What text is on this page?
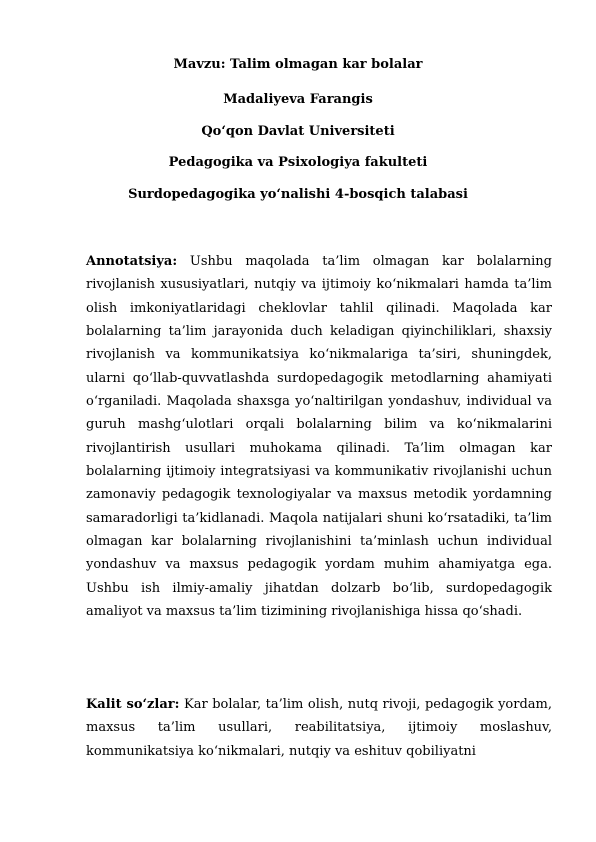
Mavzu: Talim olmagan kar bolalar
Madaliyeva Farangis
Qo‘qon Davlat Universiteti
Pedagogika va Psixologiya fakulteti
Surdopedagogika yo‘nalishi 4-bosqich talabasi
Annotatsiya: Ushbu maqolada ta’lim olmagan kar bolalarning rivojlanish xususiyatlari, nutqiy va ijtimoiy ko‘nikmalari hamda ta’lim olish imkoniyatlaridagi cheklovlar tahlil qilinadi. Maqolada kar bolalarning ta’lim jarayonida duch keladigan qiyinchiliklari, shaxsiy rivojlanish va kommunikatsiya ko‘nikmalariga ta’siri, shuningdek, ularni qo‘llab-quvvatlashda surdopedagogik metodlarning ahamiyati o‘rganiladi. Maqolada shaxsga yo‘naltirilgan yondashuv, individual va guruh mashg‘ulotlari orqali bolalarning bilim va ko‘nikmalarini rivojlantirish usullari muhokama qilinadi. Ta’lim olmagan kar bolalarning ijtimoiy integratsiyasi va kommunikativ rivojlanishi uchun zamonaviy pedagogik texnologiyalar va maxsus metodik yordamning samaradorligi ta’kidlanadi. Maqola natijalari shuni ko‘rsatadiki, ta’lim olmagan kar bolalarning rivojlanishini ta’minlash uchun individual yondashuv va maxsus pedagogik yordam muhim ahamiyatga ega. Ushbu ish ilmiy-amaliy jihatdan dolzarb bo‘lib, surdopedagogik amaliyot va maxsus ta’lim tizimining rivojlanishiga hissa qo‘shadi.
Kalit so‘zlar: Kar bolalar, ta’lim olish, nutq rivoji, pedagogik yordam, maxsus ta’lim usullari, reabilitatsiya, ijtimoiy moslashuv, kommunikatsiya ko‘nikmalari, nutqiy va eshituv qobiliyatni
